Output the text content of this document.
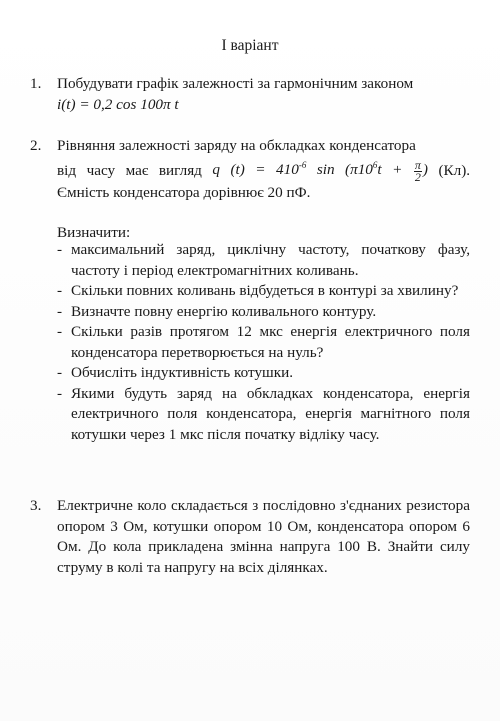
І варіант
1.	Побудувати графік залежності за гармонічним законом

i(t) = 0,2 cos 100π t

2.	Рівняння залежності заряду на обкладках конденсатора

від часу має вигляд q $(t) = 410^{-6}$ $\sin (\pi 10^6t + \frac{\pi}{2}$ ) (Кл).

Ємність конденсатора дорівнює 20 пФ.

Визначити:

- максимальний заряд, циклічну частоту, початкову фазу, частоту і період електромагнітних коливань.
- Скільки повних коливань відбудеться в контурі за хвилину?
- Визначте повну енергію коливального контуру.
- Скільки разів протягом 12 мкс енергія електричного поля конденсатора перетворюється на нуль?
- Обчисліть індуктивність котушки.
- Якими будуть заряд на обкладках конденсатора, енергія електричного поля конденсатора, енергія магнітного поля котушки через 1 мкс після початку відліку часу.
3.	Електричне коло складається з послідовно з'єднаних резистора опором 3 Ом, котушки опором 10 Ом, конденсатора опором 6 Ом. До кола прикладена змінна напруга 100 В. Знайти силу струму в колі та напругу на всіх ділянках.
